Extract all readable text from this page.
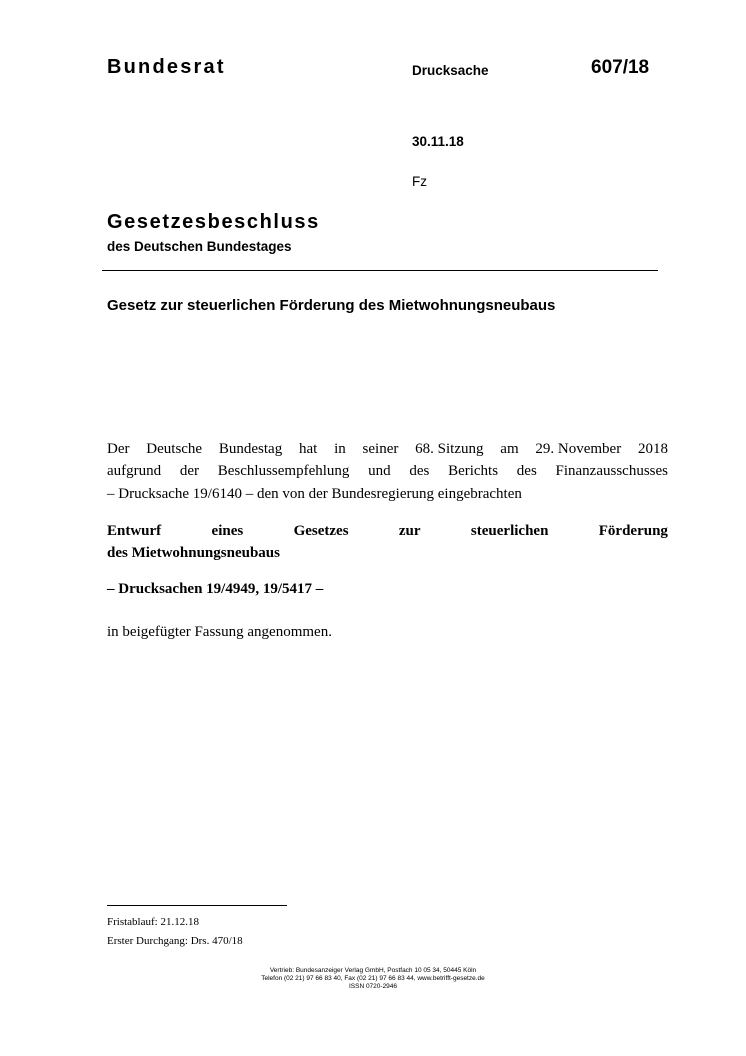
Bundesrat	Drucksache	607/18
30.11.18
Fz
Gesetzesbeschluss
des Deutschen Bundestages
Gesetz zur steuerlichen Förderung des Mietwohnungsneubaus
Der Deutsche Bundestag hat in seiner 68. Sitzung am 29. November 2018
aufgrund der Beschlussempfehlung und des Berichts des Finanzausschusses
– Drucksache 19/6140 – den von der Bundesregierung eingebrachten
Entwurf	eines	Gesetzes	zur	steuerlichen	Förderung
des Mietwohnungsneubaus
– Drucksachen 19/4949, 19/5417 –
in beigefügter Fassung angenommen.
Fristablauf: 21.12.18
Erster Durchgang: Drs. 470/18
Vertrieb: Bundesanzeiger Verlag GmbH, Postfach 10 05 34, 50445 Köln
Telefon (02 21) 97 66 83 40, Fax (02 21) 97 66 83 44, www.betrifft-gesetze.de
ISSN 0720-2946
